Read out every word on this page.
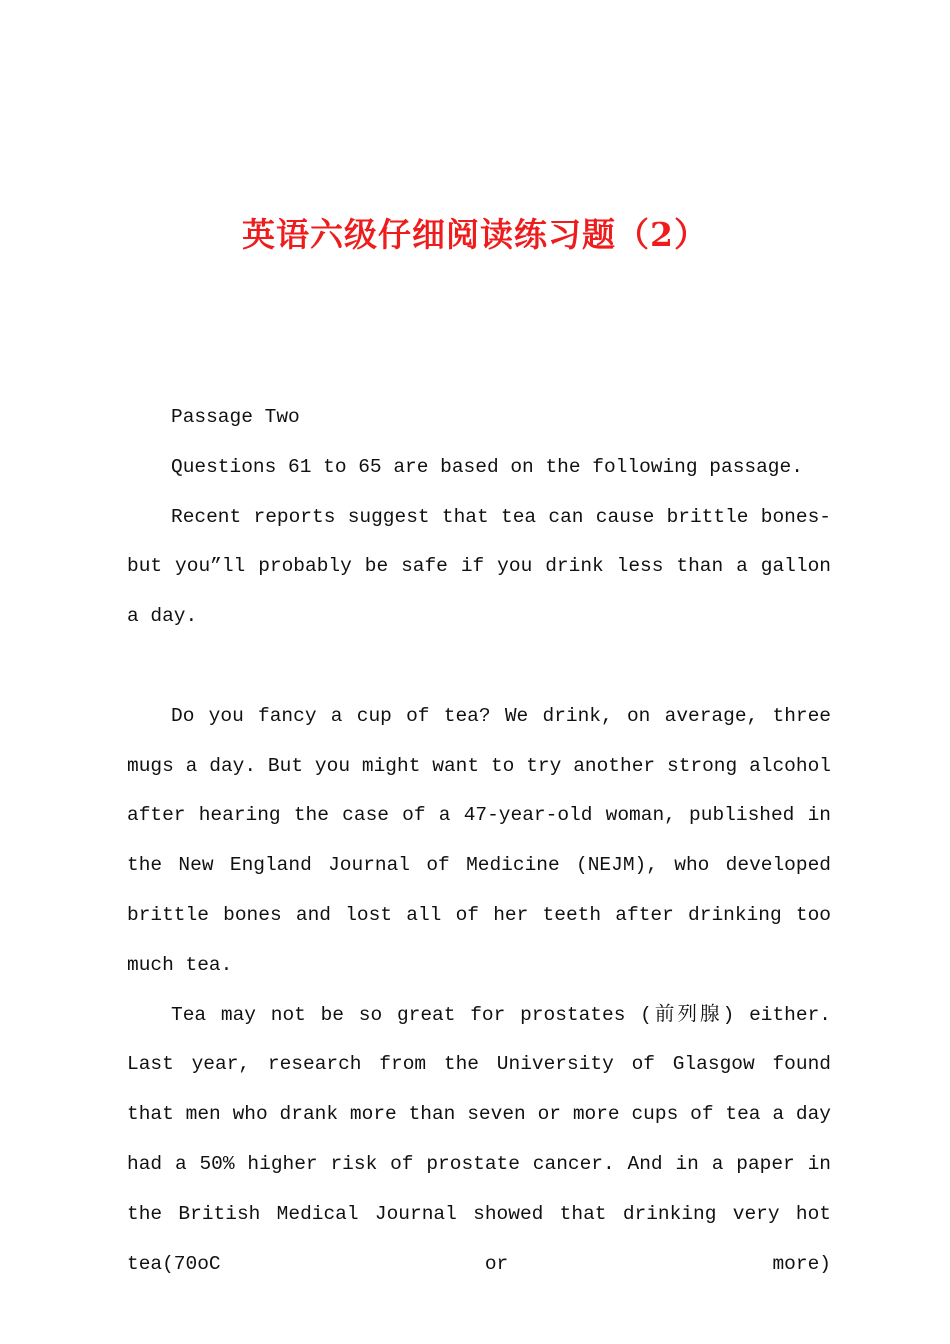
英语六级仔细阅读练习题（2）

Passage Two

Questions 61 to 65 are based on the following passage.

Recent reports suggest that tea can cause brittle bones-but you”ll probably be safe if you drink less than a gallon a day.

Do you fancy a cup of tea? We drink, on average, three mugs a day. But you might want to try another strong alcohol after hearing the case of a 47-year-old woman, published in the New England Journal of Medicine (NEJM), who developed brittle bones and lost all of her teeth after drinking too much tea.

Tea may not be so great for prostates (前列腺) either. Last year, research from the University of Glasgow found that men who drank more than seven or more cups of tea a day had a 50% higher risk of prostate cancer. And in a paper in the British Medical Journal showed that drinking very hot tea(70oC or more)
